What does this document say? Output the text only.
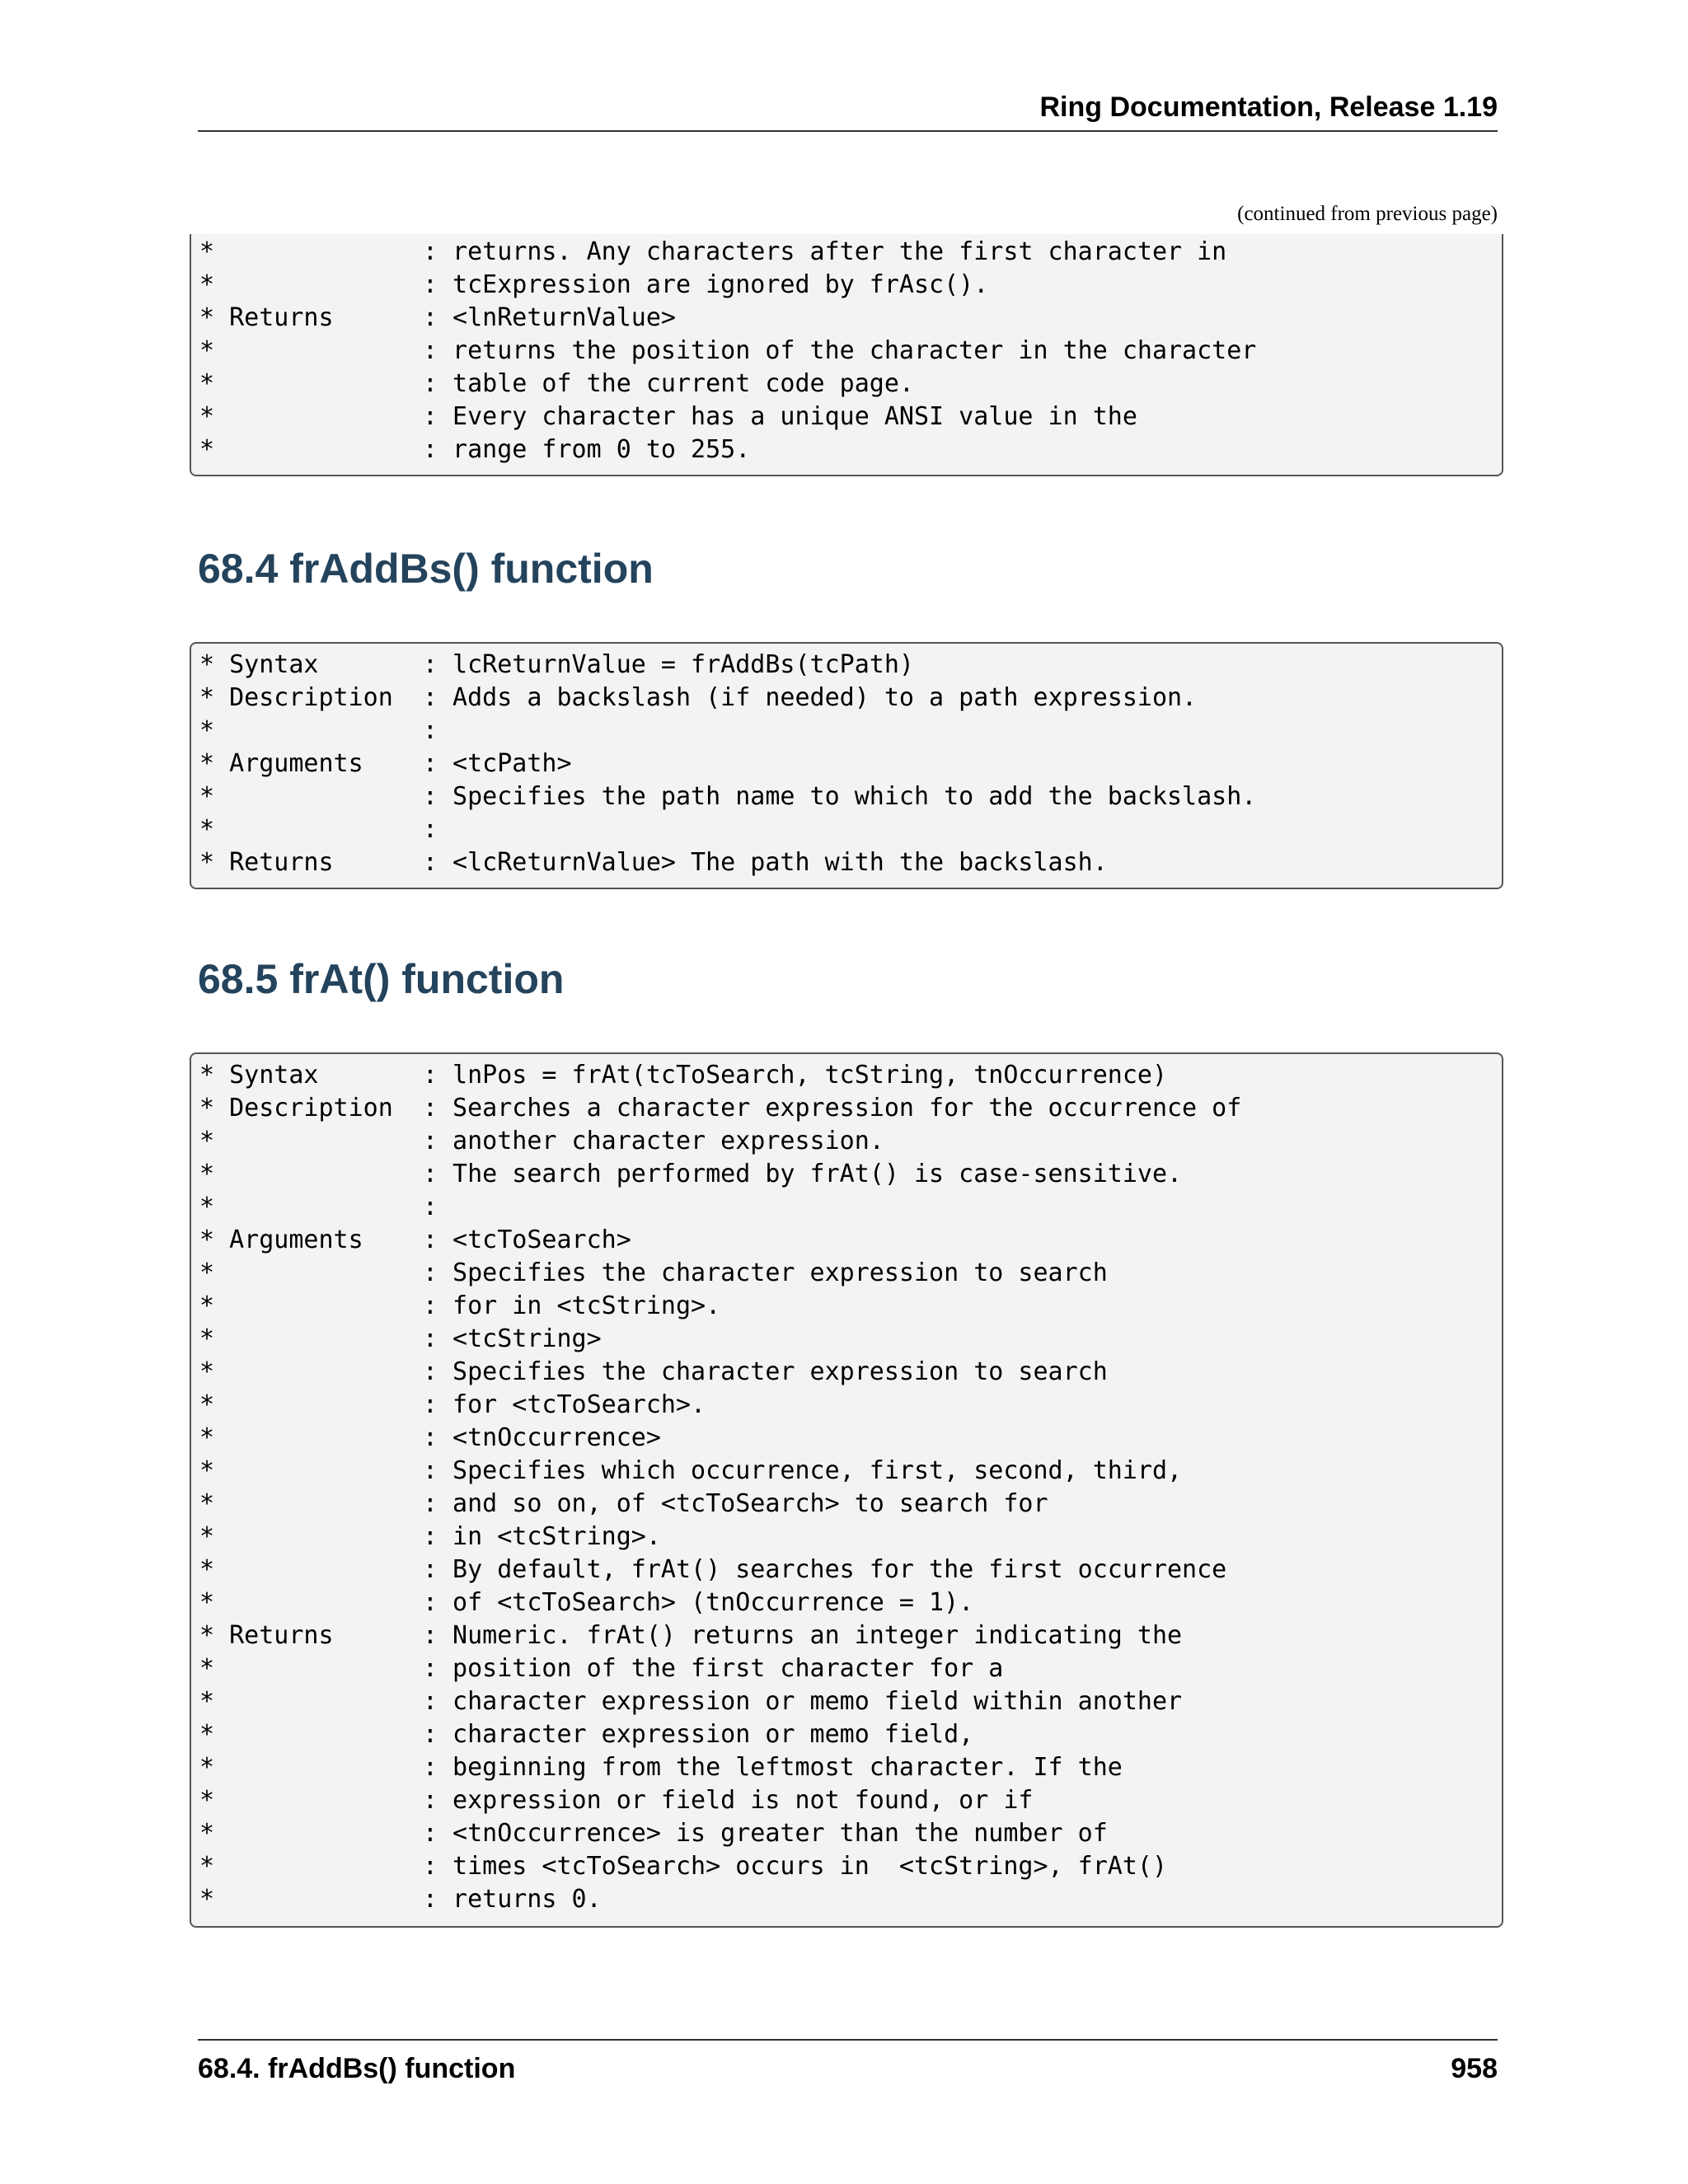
Ring Documentation, Release 1.19
(continued from previous page)
*              : returns. Any characters after the first character in
*              : tcExpression are ignored by frAsc().
* Returns      : <lnReturnValue>
*              : returns the position of the character in the character
*              : table of the current code page.
*              : Every character has a unique ANSI value in the
*              : range from 0 to 255.
68.4 frAddBs() function
* Syntax       : lcReturnValue = frAddBs(tcPath)
* Description  : Adds a backslash (if needed) to a path expression.
*              :
* Arguments    : <tcPath>
*              : Specifies the path name to which to add the backslash.
*              :
* Returns      : <lcReturnValue> The path with the backslash.
68.5 frAt() function
* Syntax       : lnPos = frAt(tcToSearch, tcString, tnOccurrence)
* Description  : Searches a character expression for the occurrence of
*              : another character expression.
*              : The search performed by frAt() is case-sensitive.
*              :
* Arguments    : <tcToSearch>
*              : Specifies the character expression to search
*              : for in <tcString>.
*              : <tcString>
*              : Specifies the character expression to search
*              : for <tcToSearch>.
*              : <tnOccurrence>
*              : Specifies which occurrence, first, second, third,
*              : and so on, of <tcToSearch> to search for
*              : in <tcString>.
*              : By default, frAt() searches for the first occurrence
*              : of <tcToSearch> (tnOccurrence = 1).
* Returns      : Numeric. frAt() returns an integer indicating the
*              : position of the first character for a
*              : character expression or memo field within another
*              : character expression or memo field,
*              : beginning from the leftmost character. If the
*              : expression or field is not found, or if
*              : <tnOccurrence> is greater than the number of
*              : times <tcToSearch> occurs in  <tcString>, frAt()
*              : returns 0.
68.4. frAddBs() function	958
